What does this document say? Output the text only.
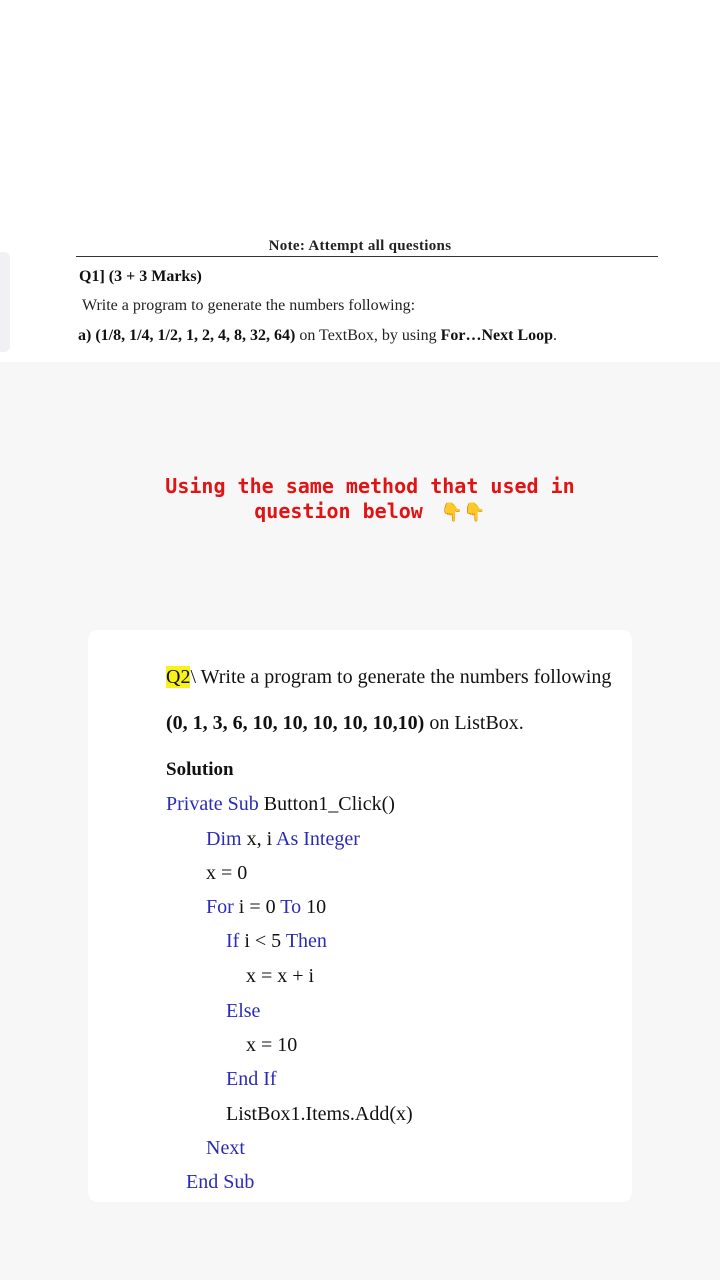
Note: Attempt all questions
Q1] (3 + 3 Marks)
Write a program to generate the numbers following:
a) (1/8, 1/4, 1/2, 1, 2, 4, 8, 32, 64) on TextBox, by using For…Next Loop.
Using the same method that used in
question below 👇👇
Q2\ Write a program to generate the numbers following
(0, 1, 3, 6, 10, 10, 10, 10, 10,10) on ListBox.
Solution
Private Sub Button1_Click()
Dim x, i As Integer
x = 0
For i = 0 To 10
If i < 5 Then
x = x + i
Else
x = 10
End If
ListBox1.Items.Add(x)
Next
End Sub
